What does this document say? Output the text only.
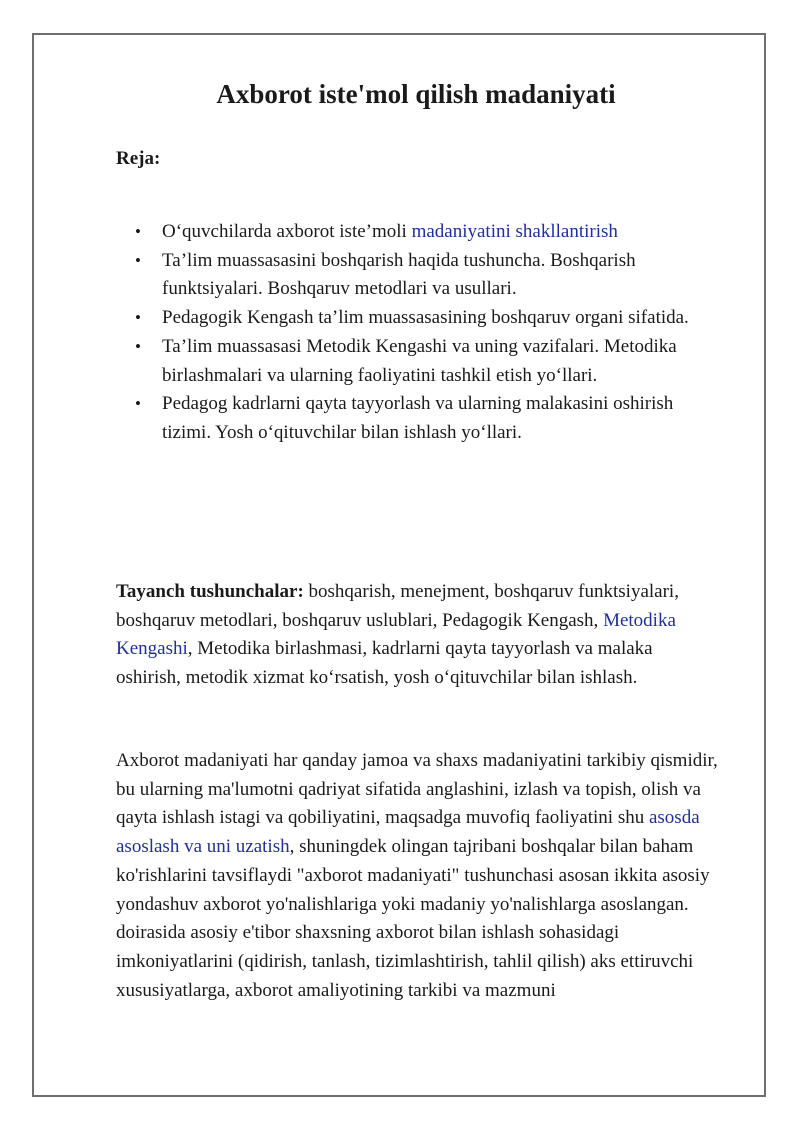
Axborot iste'mol qilish madaniyati

Reja:

• O‘quvchilarda axborot iste’moli madaniyatini shakllantirish
• Ta’lim muassasasini boshqarish haqida tushuncha. Boshqarish funktsiyalari. Boshqaruv metodlari va usullari.
• Pedagogik Kengash ta’lim muassasasining boshqaruv organi sifatida.
• Ta’lim muassasasi Metodik Kengashi va uning vazifalari. Metodika birlashmalari va ularning faoliyatini tashkil etish yo‘llari.
• Pedagog kadrlarni qayta tayyorlash va ularning malakasini oshirish tizimi. Yosh o‘qituvchilar bilan ishlash yo‘llari.

Tayanch tushunchalar: boshqarish, menejment, boshqaruv funktsiyalari, boshqaruv metodlari, boshqaruv uslublari, Pedagogik Kengash, Metodika Kengashi, Metodika birlashmasi, kadrlarni qayta tayyorlash va malaka oshirish, metodik xizmat ko‘rsatish, yosh o‘qituvchilar bilan ishlash.

Axborot madaniyati har qanday jamoa va shaxs madaniyatini tarkibiy qismidir, bu ularning ma'lumotni qadriyat sifatida anglashini, izlash va topish, olish va qayta ishlash istagi va qobiliyatini, maqsadga muvofiq faoliyatini shu asosda asoslash va uni uzatish, shuningdek olingan tajribani boshqalar bilan baham ko'rishlarini tavsiflaydi "axborot madaniyati" tushunchasi asosan ikkita asosiy yondashuv axborot yo'nalishlariga yoki madaniy yo'nalishlarga asoslangan. doirasida asosiy e'tibor shaxsning axborot bilan ishlash sohasidagi imkoniyatlarini (qidirish, tanlash, tizimlashtirish, tahlil qilish) aks ettiruvchi xususiyatlarga, axborot amaliyotining tarkibi va mazmuni
